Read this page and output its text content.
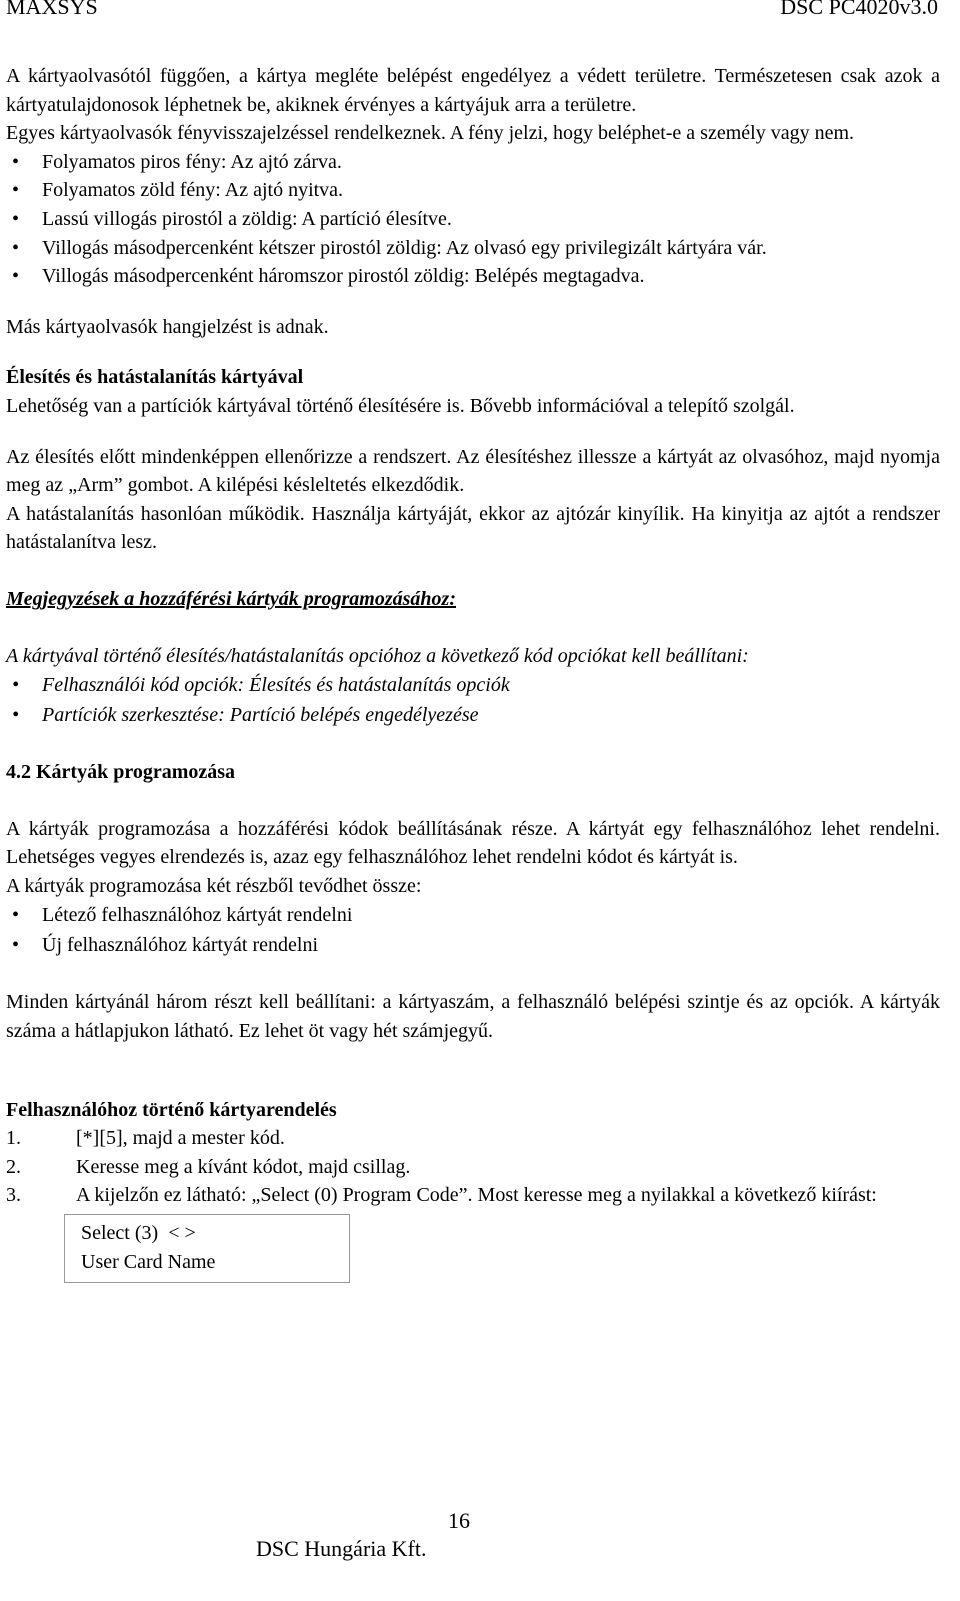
MAXSYS	DSC PC4020v3.0

A kártyaolvasótól függően, a kártya megléte belépést engedélyez a védett területre. Természetesen csak azok a kártyatulajdonosok léphetnek be, akiknek érvényes a kártyájuk arra a területre.

Egyes kártyaolvasók fényvisszajelzéssel rendelkeznek. A fény jelzi, hogy beléphet-e a személy vagy nem.

• Folyamatos piros fény: Az ajtó zárva.
• Folyamatos zöld fény: Az ajtó nyitva.
• Lassú villogás pirostól a zöldig: A partíció élesítve.
• Villogás másodpercenként kétszer pirostól zöldig: Az olvasó egy privilegizált kártyára vár.
• Villogás másodpercenként háromszor pirostól zöldig: Belépés megtagadva.

Más kártyaolvasók hangjelzést is adnak.

Élesítés és hatástalanítás kártyával

Lehetőség van a partíciók kártyával történő élesítésére is. Bővebb információval a telepítő szolgál.

Az élesítés előtt mindenképpen ellenőrizze a rendszert. Az élesítéshez illessze a kártyát az olvasóhoz, majd nyomja meg az „Arm” gombot. A kilépési késleltetés elkezdődik.

A hatástalanítás hasonlóan működik. Használja kártyáját, ekkor az ajtózár kinyílik. Ha kinyitja az ajtót a rendszer hatástalanítva lesz.

Megjegyzések a hozzáférési kártyák programozásához:

A kártyával történő élesítés/hatástalanítás opcióhoz a következő kód opciókat kell beállítani:

• Felhasználói kód opciók: Élesítés és hatástalanítás opciók
• Partíciók szerkesztése: Partíció belépés engedélyezése

4.2 Kártyák programozása

A kártyák programozása a hozzáférési kódok beállításának része. A kártyát egy felhasználóhoz lehet rendelni. Lehetséges vegyes elrendezés is, azaz egy felhasználóhoz lehet rendelni kódot és kártyát is.

A kártyák programozása két részből tevődhet össze:

• Létező felhasználóhoz kártyát rendelni
• Új felhasználóhoz kártyát rendelni

Minden kártyánál három részt kell beállítani: a kártyaszám, a felhasználó belépési szintje és az opciók. A kártyák száma a hátlapjukon látható. Ez lehet öt vagy hét számjegyű.

Felhasználóhoz történő kártyarendelés

1.	[*][5], majd a mester kód.
2.	Keresse meg a kívánt kódot, majd csillag.
3.	A kijelzőn ez látható: „Select (0) Program Code”. Most keresse meg a nyilakkal a következő kiírást:
Select (3)  < >
User Card Name
16
DSC Hungária Kft.
